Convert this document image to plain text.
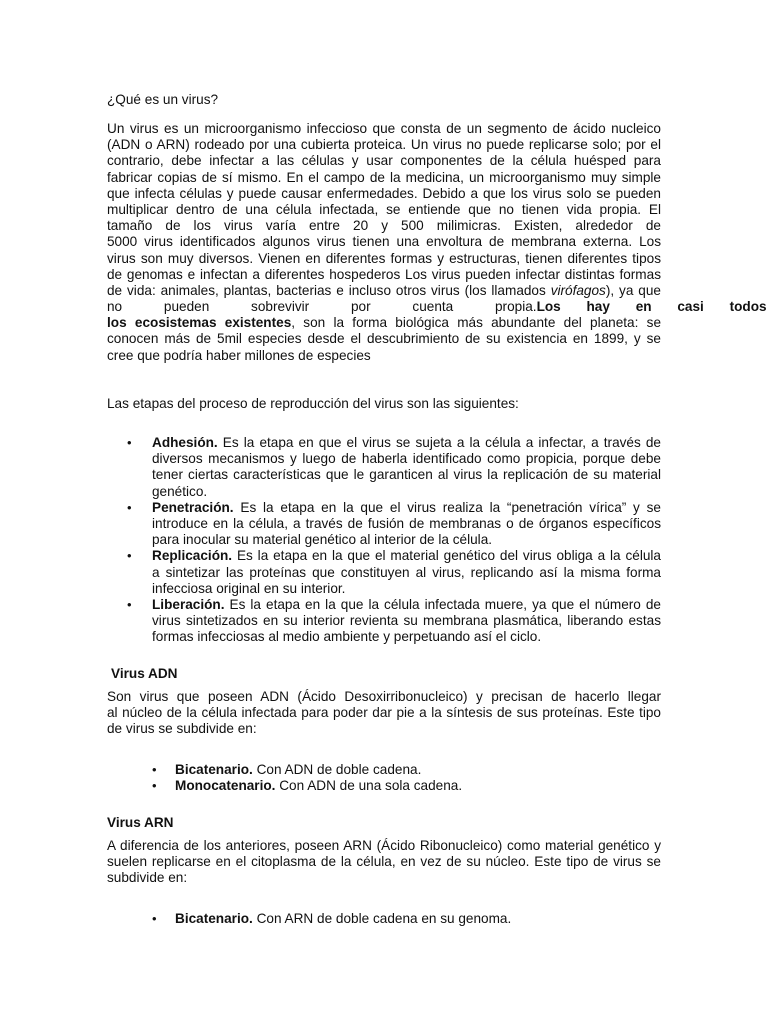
¿Qué es un virus?
Un virus es un microorganismo infeccioso que consta de un segmento de ácido nucleico
(ADN o ARN) rodeado por una cubierta proteica. Un virus no puede replicarse solo; por el
contrario, debe infectar a las células y usar componentes de la célula huésped para
fabricar copias de sí mismo. En el campo de la medicina, un microorganismo muy simple
que infecta células y puede causar enfermedades. Debido a que los virus solo se pueden
multiplicar dentro de una célula infectada, se entiende que no tienen vida propia. El
tamaño de los virus varía entre 20 y 500 milimicras. Existen, alrededor de
5000 virus identificados algunos virus tienen una envoltura de membrana externa. Los
virus son muy diversos. Vienen en diferentes formas y estructuras, tienen diferentes tipos
de genomas e infectan a diferentes hospederos Los virus pueden infectar distintas formas
de vida: animales, plantas, bacterias e incluso otros virus (los llamados virófagos), ya que
no pueden sobrevivir por cuenta propia. Los hay en casi todos
los ecosistemas existentes, son la forma biológica más abundante del planeta: se
conocen más de 5mil especies desde el descubrimiento de su existencia en 1899, y se
cree que podría haber millones de especies
Las etapas del proceso de reproducción del virus son las siguientes:
• Adhesión. Es la etapa en que el virus se sujeta a la célula a infectar, a través de
diversos mecanismos y luego de haberla identificado como propicia, porque debe
tener ciertas características que le garanticen al virus la replicación de su material
genético.
• Penetración. Es la etapa en la que el virus realiza la “penetración vírica” y se
introduce en la célula, a través de fusión de membranas o de órganos específicos
para inocular su material genético al interior de la célula.
• Replicación. Es la etapa en la que el material genético del virus obliga a la célula
a sintetizar las proteínas que constituyen al virus, replicando así la misma forma
infecciosa original en su interior.
• Liberación. Es la etapa en la que la célula infectada muere, ya que el número de
virus sintetizados en su interior revienta su membrana plasmática, liberando estas
formas infecciosas al medio ambiente y perpetuando así el ciclo.
Virus ADN
Son virus que poseen ADN (Ácido Desoxirribonucleico) y precisan de hacerlo llegar
al núcleo de la célula infectada para poder dar pie a la síntesis de sus proteínas. Este tipo
de virus se subdivide en:
• Bicatenario. Con ADN de doble cadena.
• Monocatenario. Con ADN de una sola cadena.
Virus ARN
A diferencia de los anteriores, poseen ARN (Ácido Ribonucleico) como material genético y
suelen replicarse en el citoplasma de la célula, en vez de su núcleo. Este tipo de virus se
subdivide en:
• Bicatenario. Con ARN de doble cadena en su genoma.
